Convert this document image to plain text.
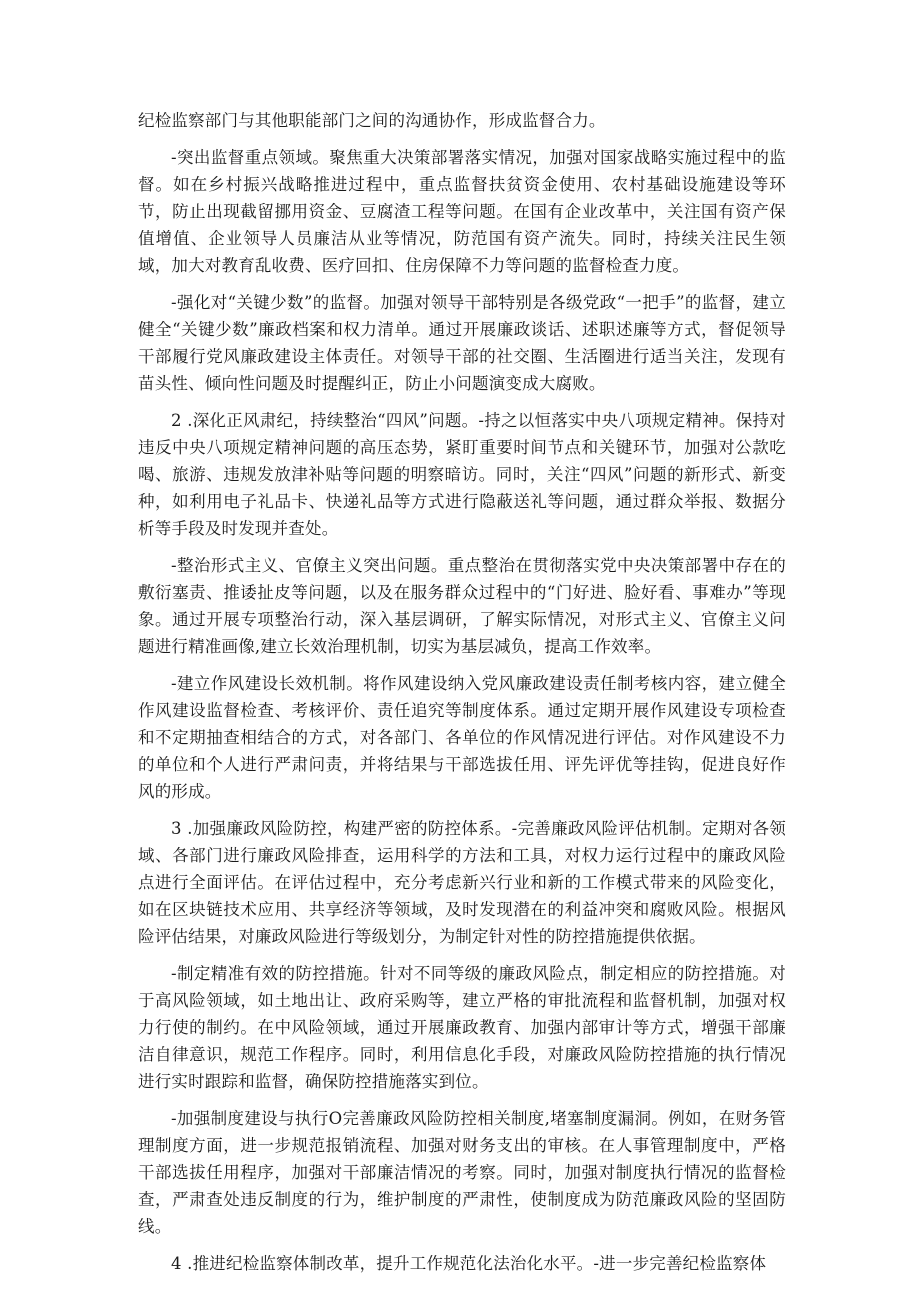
纪检监察部门与其他职能部门之间的沟通协作，形成监督合力。

-突出监督重点领域。聚焦重大决策部署落实情况，加强对国家战略实施过程中的监督。如在乡村振兴战略推进过程中，重点监督扶贫资金使用、农村基础设施建设等环节，防止出现截留挪用资金、豆腐渣工程等问题。在国有企业改革中，关注国有资产保值增值、企业领导人员廉洁从业等情况，防范国有资产流失。同时，持续关注民生领域，加大对教育乱收费、医疗回扣、住房保障不力等问题的监督检查力度。

-强化对“关键少数”的监督。加强对领导干部特别是各级党政“一把手”的监督，建立健全“关键少数”廉政档案和权力清单。通过开展廉政谈话、述职述廉等方式，督促领导干部履行党风廉政建设主体责任。对领导干部的社交圈、生活圈进行适当关注，发现有苗头性、倾向性问题及时提醒纠正，防止小问题演变成大腐败。

2 .深化正风肃纪，持续整治“四风”问题。-持之以恒落实中央八项规定精神。保持对违反中央八项规定精神问题的高压态势，紧盯重要时间节点和关键环节，加强对公款吃喝、旅游、违规发放津补贴等问题的明察暗访。同时，关注“四风”问题的新形式、新变种，如利用电子礼品卡、快递礼品等方式进行隐蔽送礼等问题，通过群众举报、数据分析等手段及时发现并查处。

-整治形式主义、官僚主义突出问题。重点整治在贯彻落实党中央决策部署中存在的敷衍塞责、推诿扯皮等问题，以及在服务群众过程中的“门好进、脸好看、事难办”等现象。通过开展专项整治行动，深入基层调研，了解实际情况，对形式主义、官僚主义问题进行精准画像,建立长效治理机制，切实为基层减负，提高工作效率。

-建立作风建设长效机制。将作风建设纳入党风廉政建设责任制考核内容，建立健全作风建设监督检查、考核评价、责任追究等制度体系。通过定期开展作风建设专项检查和不定期抽查相结合的方式，对各部门、各单位的作风情况进行评估。对作风建设不力的单位和个人进行严肃问责，并将结果与干部选拔任用、评先评优等挂钩，促进良好作风的形成。

3 .加强廉政风险防控，构建严密的防控体系。-完善廉政风险评估机制。定期对各领域、各部门进行廉政风险排查，运用科学的方法和工具，对权力运行过程中的廉政风险点进行全面评估。在评估过程中，充分考虑新兴行业和新的工作模式带来的风险变化，如在区块链技术应用、共享经济等领域，及时发现潜在的利益冲突和腐败风险。根据风险评估结果，对廉政风险进行等级划分，为制定针对性的防控措施提供依据。

-制定精准有效的防控措施。针对不同等级的廉政风险点，制定相应的防控措施。对于高风险领域，如土地出让、政府采购等，建立严格的审批流程和监督机制，加强对权力行使的制约。在中风险领域，通过开展廉政教育、加强内部审计等方式，增强干部廉洁自律意识，规范工作程序。同时，利用信息化手段，对廉政风险防控措施的执行情况进行实时跟踪和监督，确保防控措施落实到位。

-加强制度建设与执行O完善廉政风险防控相关制度,堵塞制度漏洞。例如，在财务管理制度方面，进一步规范报销流程、加强对财务支出的审核。在人事管理制度中，严格干部选拔任用程序，加强对干部廉洁情况的考察。同时，加强对制度执行情况的监督检查，严肃查处违反制度的行为，维护制度的严肃性，使制度成为防范廉政风险的坚固防线。

4 .推进纪检监察体制改革，提升工作规范化法治化水平。-进一步完善纪检监察体
